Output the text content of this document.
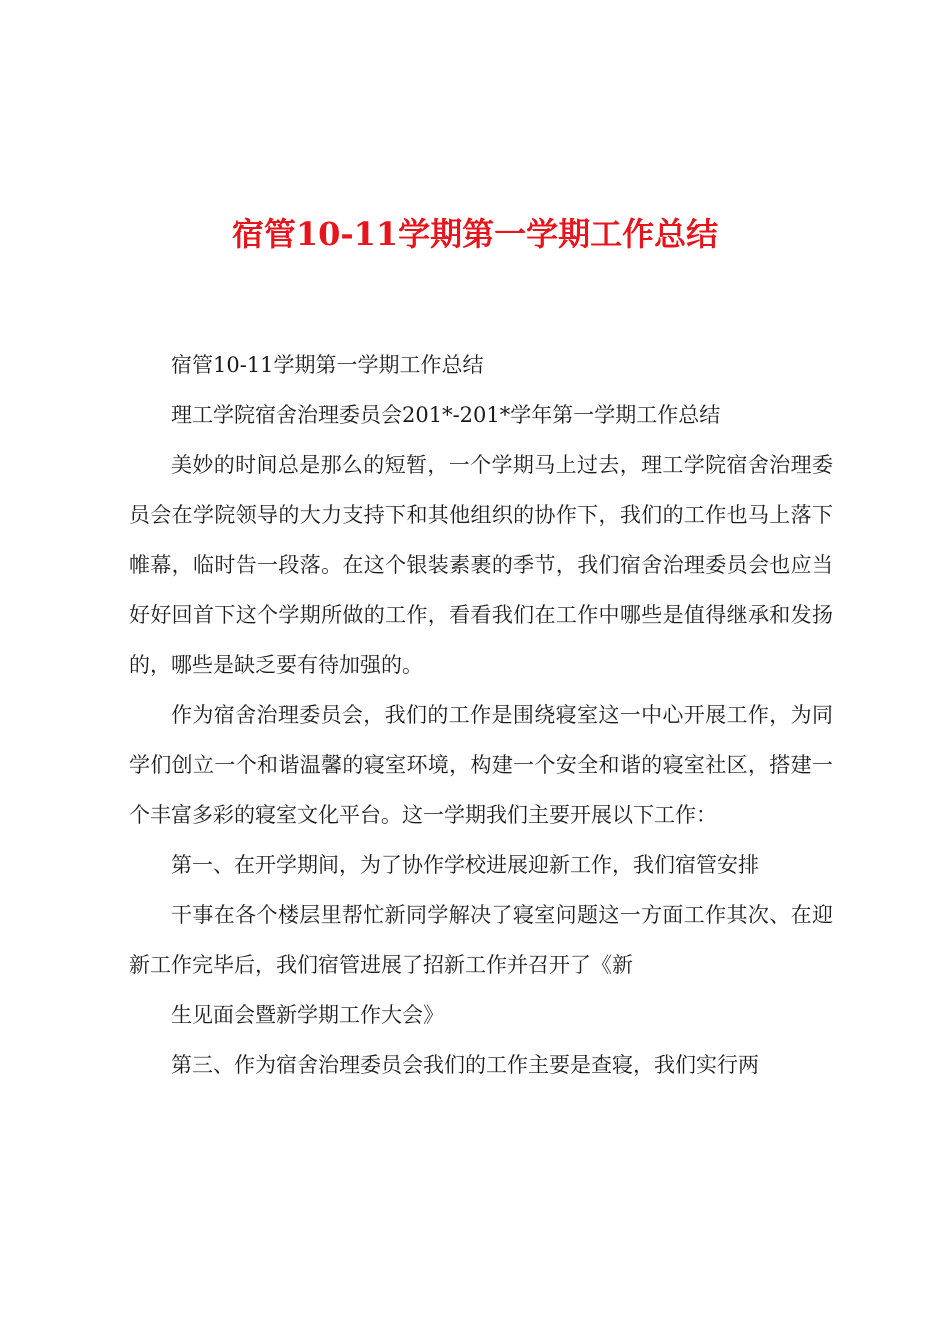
宿管10-11学期第一学期工作总结

宿管10-11学期第一学期工作总结

理工学院宿舍治理委员会201*-201*学年第一学期工作总结

美妙的时间总是那么的短暂，一个学期马上过去，理工学院宿舍治理委员会在学院领导的大力支持下和其他组织的协作下，我们的工作也马上落下帷幕，临时告一段落。在这个银装素裹的季节，我们宿舍治理委员会也应当好好回首下这个学期所做的工作，看看我们在工作中哪些是值得继承和发扬的，哪些是缺乏要有待加强的。

作为宿舍治理委员会，我们的工作是围绕寝室这一中心开展工作，为同学们创立一个和谐温馨的寝室环境，构建一个安全和谐的寝室社区，搭建一个丰富多彩的寝室文化平台。这一学期我们主要开展以下工作：

第一、在开学期间，为了协作学校进展迎新工作，我们宿管安排

干事在各个楼层里帮忙新同学解决了寝室问题这一方面工作其次、在迎新工作完毕后，我们宿管进展了招新工作并召开了《新

生见面会暨新学期工作大会》

第三、作为宿舍治理委员会我们的工作主要是查寝，我们实行两
